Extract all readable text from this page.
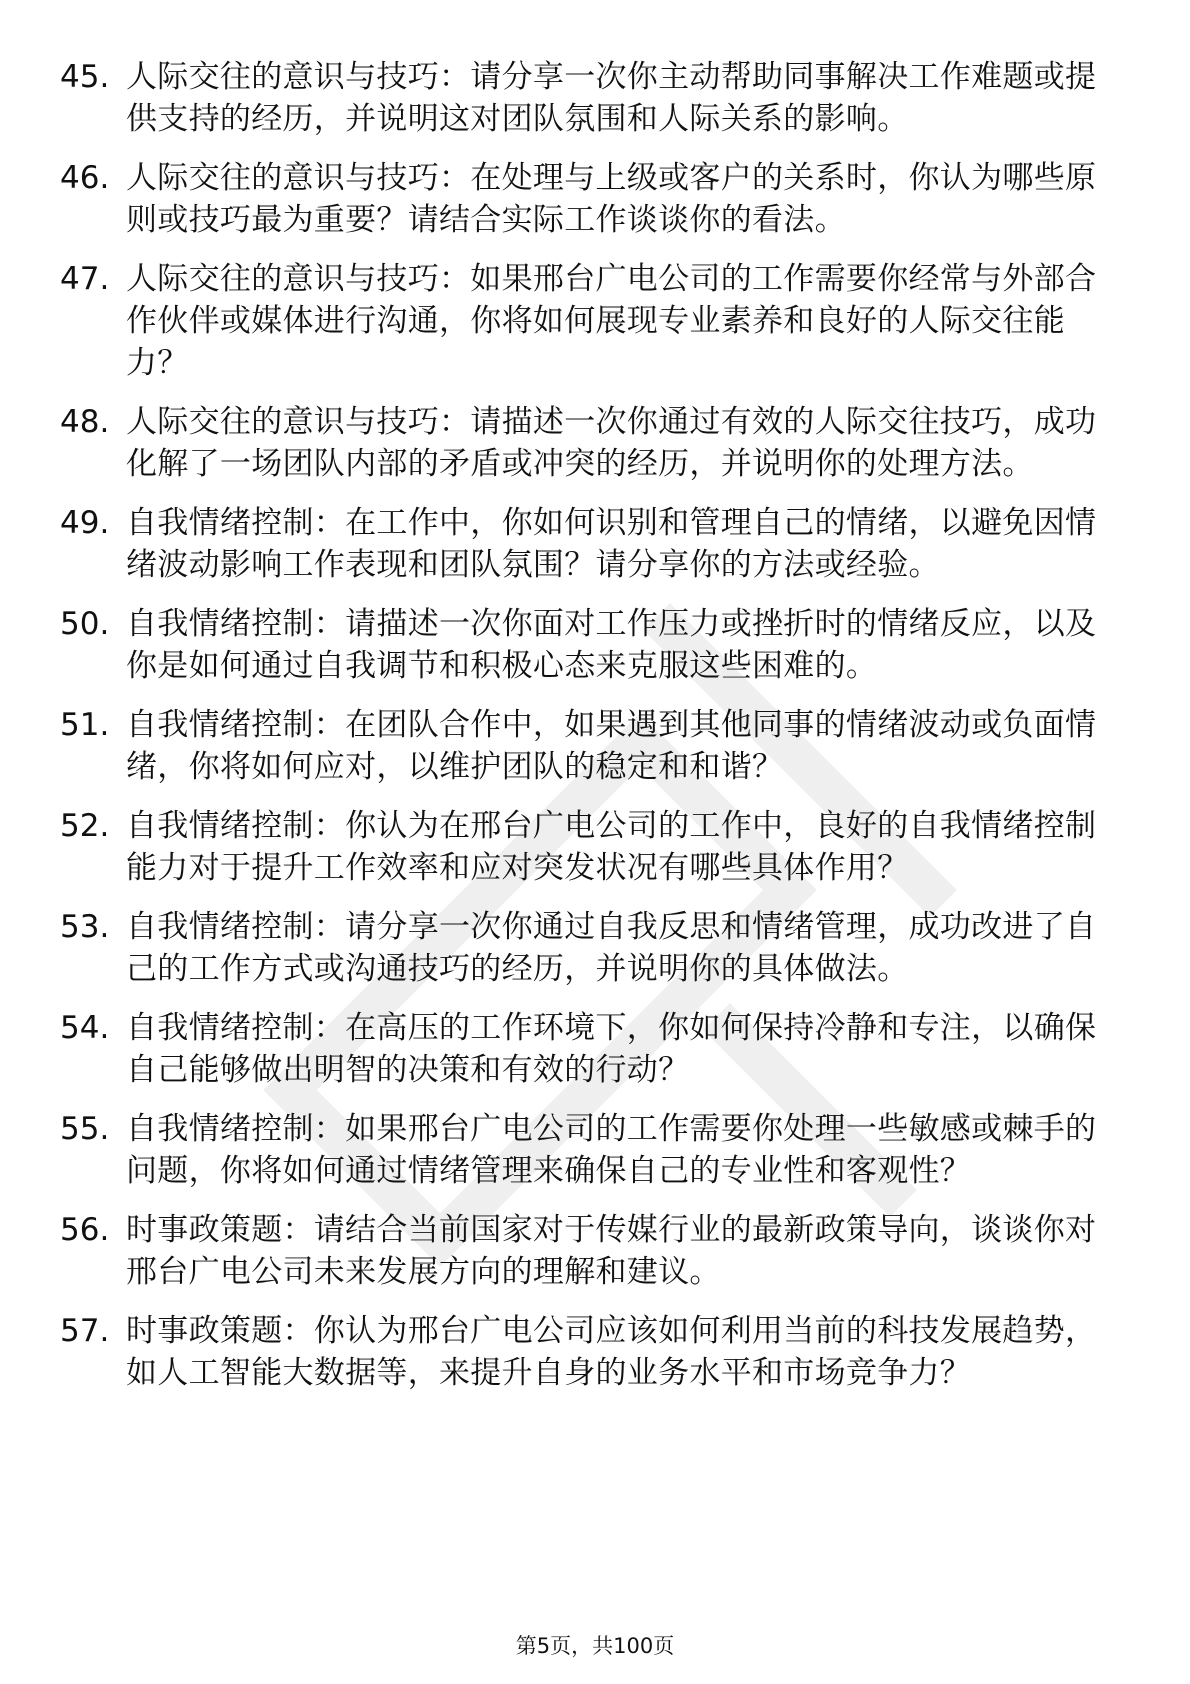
45. 人际交往的意识与技巧：请分享一次你主动帮助同事解决工作难题或提供支持的经历，并说明这对团队氛围和人际关系的影响。
46. 人际交往的意识与技巧：在处理与上级或客户的关系时，你认为哪些原则或技巧最为重要？请结合实际工作谈谈你的看法。
47. 人际交往的意识与技巧：如果邢台广电公司的工作需要你经常与外部合作伙伴或媒体进行沟通，你将如何展现专业素养和良好的人际交往能力？
48. 人际交往的意识与技巧：请描述一次你通过有效的人际交往技巧，成功化解了一场团队内部的矛盾或冲突的经历，并说明你的处理方法。
49. 自我情绪控制：在工作中，你如何识别和管理自己的情绪，以避免因情绪波动影响工作表现和团队氛围？请分享你的方法或经验。
50. 自我情绪控制：请描述一次你面对工作压力或挫折时的情绪反应，以及你是如何通过自我调节和积极心态来克服这些困难的。
51. 自我情绪控制：在团队合作中，如果遇到其他同事的情绪波动或负面情绪，你将如何应对，以维护团队的稳定和和谐？
52. 自我情绪控制：你认为在邢台广电公司的工作中，良好的自我情绪控制能力对于提升工作效率和应对突发状况有哪些具体作用？
53. 自我情绪控制：请分享一次你通过自我反思和情绪管理，成功改进了自己的工作方式或沟通技巧的经历，并说明你的具体做法。
54. 自我情绪控制：在高压的工作环境下，你如何保持冷静和专注，以确保自己能够做出明智的决策和有效的行动？
55. 自我情绪控制：如果邢台广电公司的工作需要你处理一些敏感或棘手的问题，你将如何通过情绪管理来确保自己的专业性和客观性？
56. 时事政策题：请结合当前国家对于传媒行业的最新政策导向，谈谈你对邢台广电公司未来发展方向的理解和建议。
57. 时事政策题：你认为邢台广电公司应该如何利用当前的科技发展趋势，如人工智能大数据等，来提升自身的业务水平和市场竞争力？
第5页，共100页
